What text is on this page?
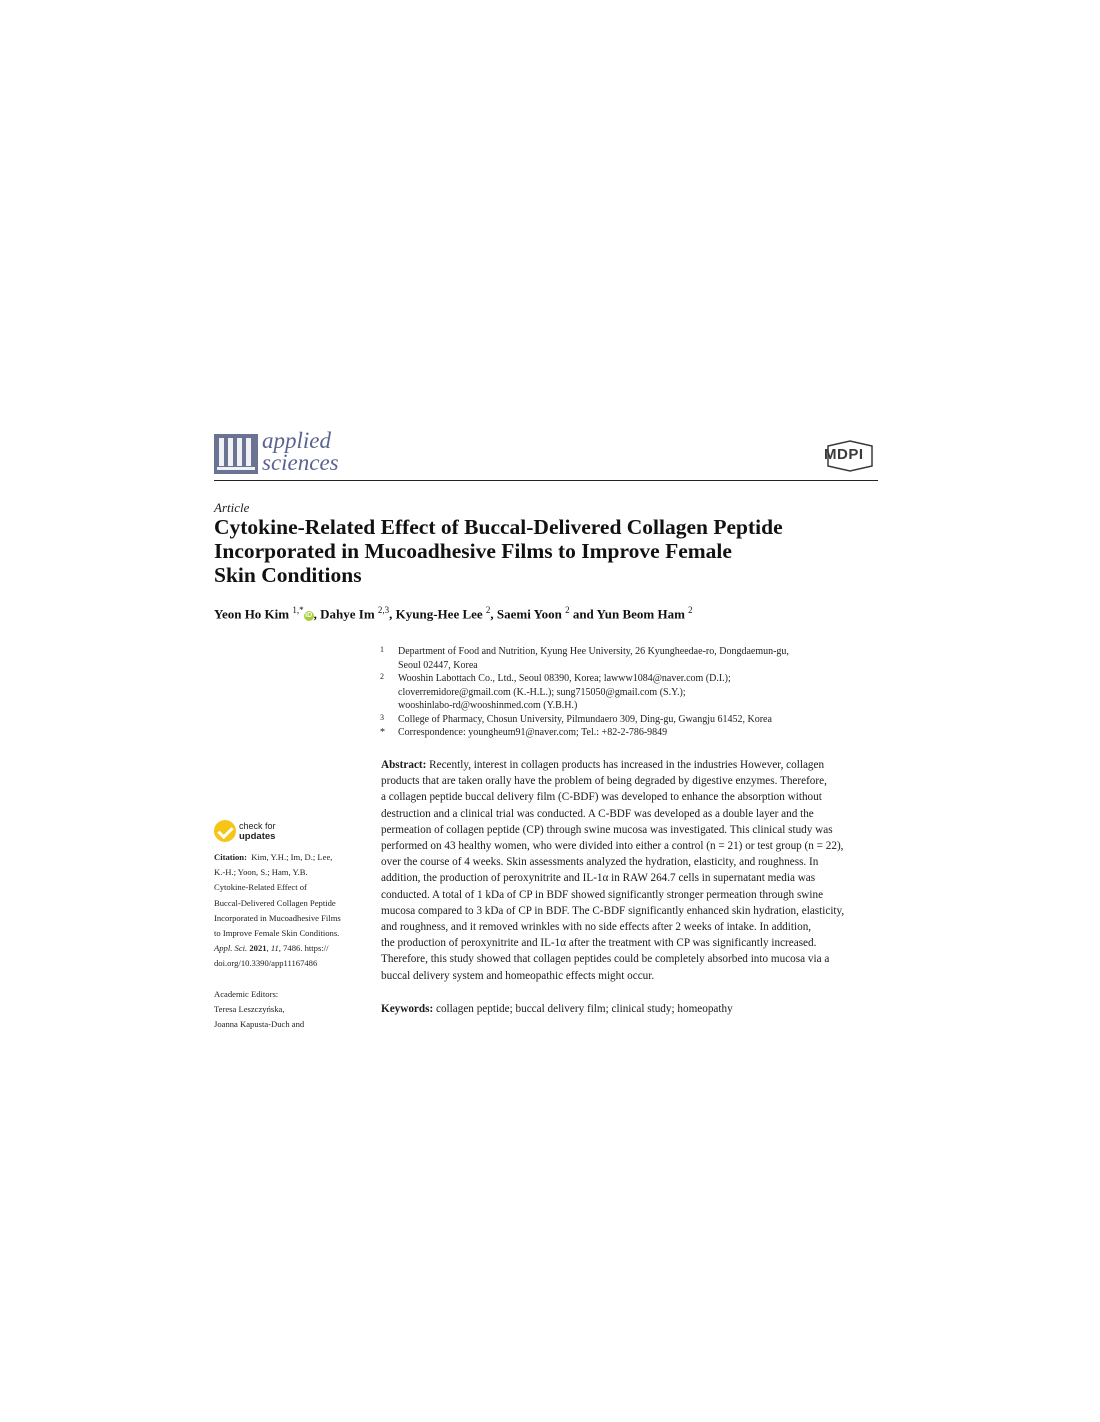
applied
sciences	MDPI
Article
Cytokine-Related Effect of Buccal-Delivered Collagen Peptide
Incorporated in Mucoadhesive Films to Improve Female
Skin Conditions
Yeon Ho Kim $^{1,*}$iD , Dahye Im $^{2,3}$, Kyung-Hee Lee $^2$, Saemi Yoon $^2$ and Yun Beom Ham $^2$
1 Department of Food and Nutrition, Kyung Hee University, 26 Kyungheedae-ro, Dongdaemun-gu,
Seoul 02447, Korea
2 Wooshin Labottach Co., Ltd., Seoul 08390, Korea; lawww1084@naver.com (D.I.);
cloverremidore@gmail.com (K.-H.L.); sung715050@gmail.com (S.Y.);
wooshinlabo-rd@wooshinmed.com (Y.B.H.)
3 College of Pharmacy, Chosun University, Pilmundaero 309, Ding-gu, Gwangju 61452, Korea
* Correspondence: youngheum91@naver.com; Tel.: +82-2-786-9849
Abstract: Recently, interest in collagen products has increased in the industries However, collagen
products that are taken orally have the problem of being degraded by digestive enzymes. Therefore,
a collagen peptide buccal delivery film (C-BDF) was developed to enhance the absorption without
destruction and a clinical trial was conducted. A C-BDF was developed as a double layer and the
permeation of collagen peptide (CP) through swine mucosa was investigated. This clinical study was
performed on 43 healthy women, who were divided into either a control (n = 21) or test group (n = 22),
over the course of 4 weeks. Skin assessments analyzed the hydration, elasticity, and roughness. In
addition, the production of peroxynitrite and IL-1α in RAW 264.7 cells in supernatant media was
conducted. A total of 1 kDa of CP in BDF showed significantly stronger permeation through swine
mucosa compared to 3 kDa of CP in BDF. The C-BDF significantly enhanced skin hydration, elasticity,
and roughness, and it removed wrinkles with no side effects after 2 weeks of intake. In addition,
the production of peroxynitrite and IL-1α after the treatment with CP was significantly increased.
Therefore, this study showed that collagen peptides could be completely absorbed into mucosa via a
buccal delivery system and homeopathic effects might occur.
Keywords: collagen peptide; buccal delivery film; clinical study; homeopathy
check for
updates
Citation: Kim, Y.H.; Im, D.; Lee,
K.-H.; Yoon, S.; Ham, Y.B.
Cytokine-Related Effect of
Buccal-Delivered Collagen Peptide
Incorporated in Mucoadhesive Films
to Improve Female Skin Conditions.
Appl. Sci. 2021, 11, 7486. https://
doi.org/10.3390/app11167486
Academic Editors:
Teresa Leszczyńska,
Joanna Kapusta-Duch and
